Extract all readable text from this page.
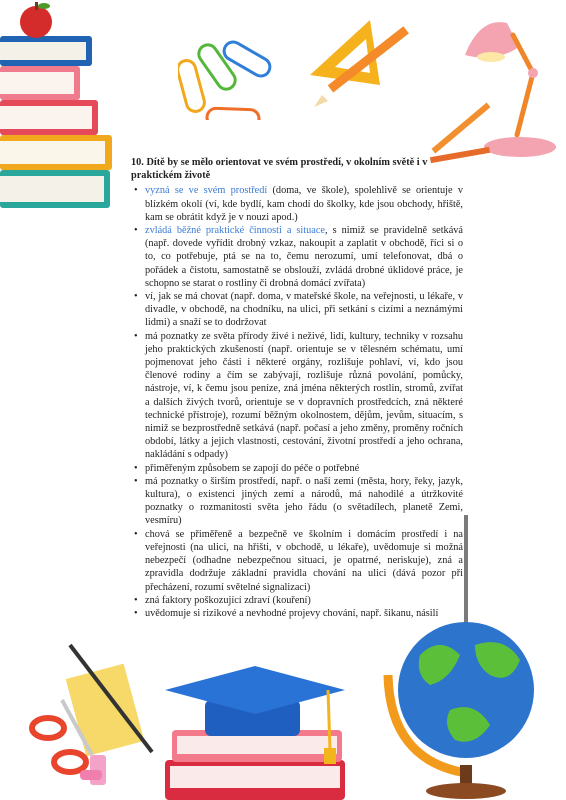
10. Dítě by se mělo orientovat ve svém prostředí, v okolním světě i v praktickém životě
• vyzná se ve svém prostředí (doma, ve škole), spolehlivě se orientuje v blízkém okolí (ví, kde bydlí, kam chodí do školky, kde jsou obchody, hřiště, kam se obrátit když je v nouzi apod.)
• zvládá běžné praktické činnosti a situace, s nimiž se pravidelně setkává (např. dovede vyřídit drobný vzkaz, nakoupit a zaplatit v obchodě, říci si o to, co potřebuje, ptá se na to, čemu nerozumí, umí telefonovat, dbá o pořádek a čistotu, samostatně se obslouží, zvládá drobné úklidové práce, je schopno se starat o rostliny či drobná domácí zvířata)
• ví, jak se má chovat (např. doma, v mateřské škole, na veřejnosti, u lékaře, v divadle, v obchodě, na chodníku, na ulici, při setkání s cizími a neznámými lidmi) a snaží se to dodržovat
• má poznatky ze světa přírody živé i neživé, lidí, kultury, techniky v rozsahu jeho praktických zkušeností (např. orientuje se v tělesném schématu, umí pojmenovat jeho části i některé orgány, rozlišuje pohlaví, ví, kdo jsou členové rodiny a čím se zabývají, rozlišuje různá povolání, pomůcky, nástroje, ví, k čemu jsou peníze, zná jména některých rostlin, stromů, zvířat a dalších živých tvorů, orientuje se v dopravních prostředcích, zná některé technické přístroje), rozumí běžným okolnostem, dějům, jevům, situacím, s nimiž se bezprostředně setkává (např. počasí a jeho změny, proměny ročních období, látky a jejich vlastnosti, cestování, životní prostředí a jeho ochrana, nakládání s odpady)
• přiměřeným způsobem se zapojí do péče o potřebné
• má poznatky o širším prostředí, např. o naší zemi (města, hory, řeky, jazyk, kultura), o existenci jiných zemí a národů, má nahodilé a útržkovité poznatky o rozmanitosti světa jeho řádu (o světadílech, planetě Zemi, vesmíru)
• chová se přiměřeně a bezpečně ve školním i domácím prostředí i na veřejnosti (na ulici, na hřišti, v obchodě, u lékaře), uvědomuje si možná nebezpečí (odhadne nebezpečnou situaci, je opatrné, neriskuje), zná a zpravidla dodržuje základní pravidla chování na ulici (dává pozor při přecházení, rozumí světelné signalizaci)
• zná faktory poškozující zdraví (kouření)
• uvědomuje si rizikové a nevhodné projevy chování, např. šikanu, násilí
